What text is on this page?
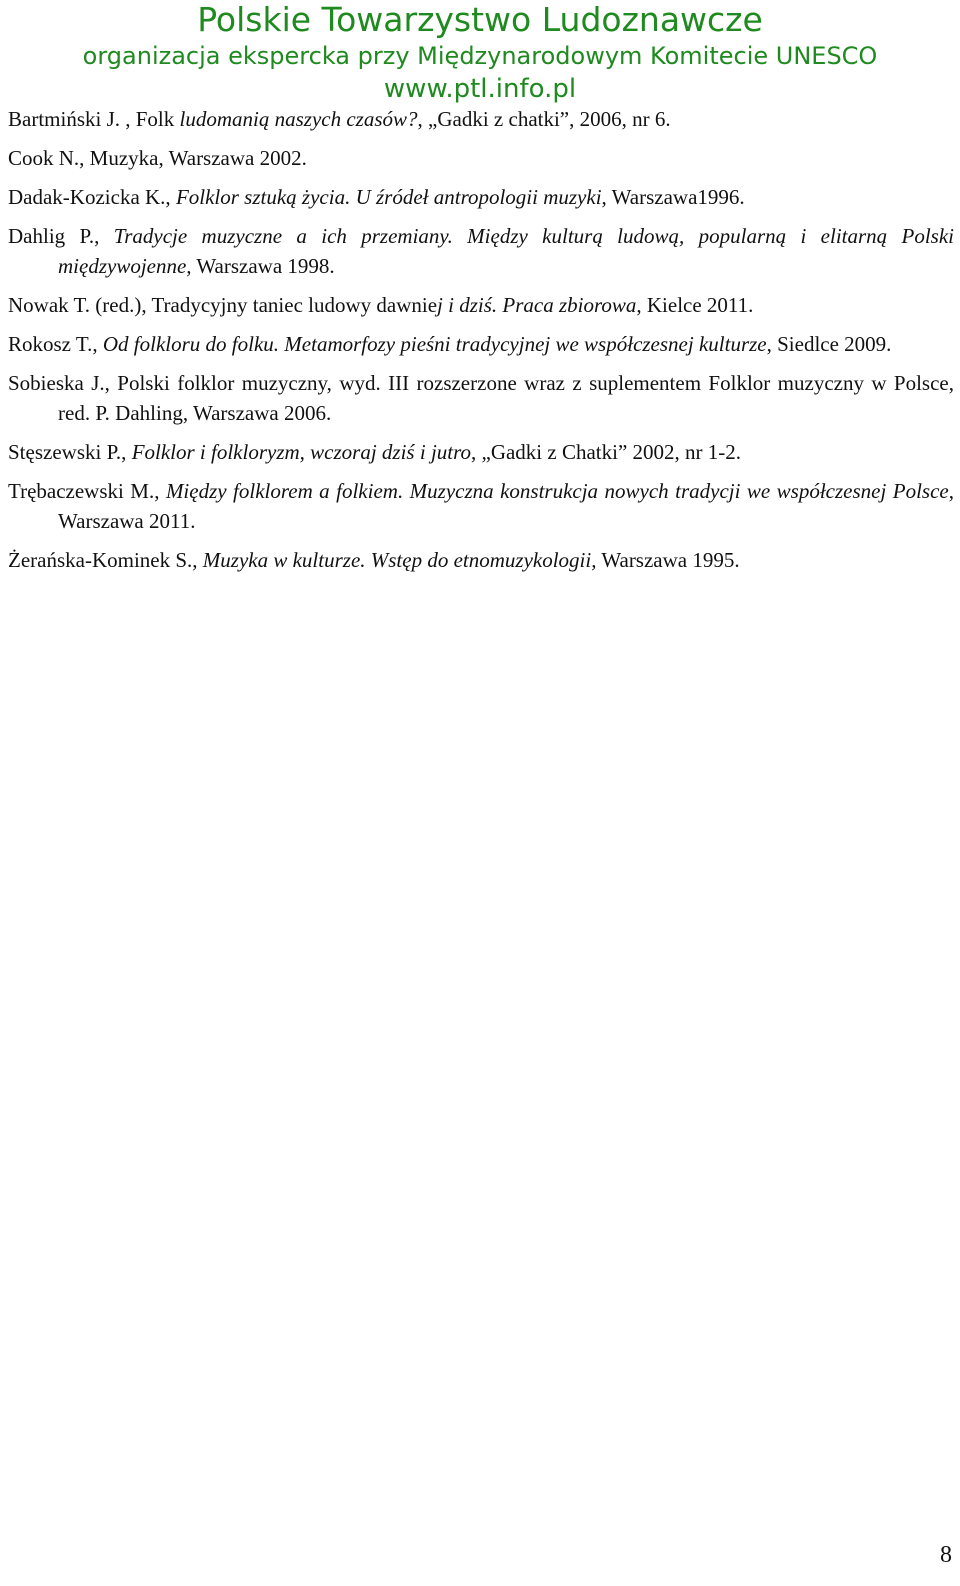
Polskie Towarzystwo Ludoznawcze
organizacja ekspercka przy Międzynarodowym Komitecie UNESCO
www.ptl.info.pl

Bartmiński J. , Folk ludomanią naszych czasów?, „Gadki z chatki”, 2006, nr 6.

Cook N., Muzyka, Warszawa 2002.

Dadak-Kozicka K., Folklor sztuką życia. U źródeł antropologii muzyki, Warszawa1996.

Dahlig P., Tradycje muzyczne a ich przemiany. Między kulturą ludową, popularną i elitarną Polski międzywojenne, Warszawa 1998.

Nowak T. (red.), Tradycyjny taniec ludowy dawniej i dziś. Praca zbiorowa, Kielce 2011.

Rokosz T., Od folkloru do folku. Metamorfozy pieśni tradycyjnej we współczesnej kulturze, Siedlce 2009.

Sobieska J., Polski folklor muzyczny, wyd. III rozszerzone wraz z suplementem Folklor muzyczny w Polsce, red. P. Dahling, Warszawa 2006.

Stęszewski P., Folklor i folkloryzm, wczoraj dziś i jutro, „Gadki z Chatki” 2002, nr 1-2.

Trębaczewski M., Między folklorem a folkiem. Muzyczna konstrukcja nowych tradycji we współczesnej Polsce, Warszawa 2011.

Żerańska-Kominek S., Muzyka w kulturze. Wstęp do etnomuzykologii, Warszawa 1995.

8
